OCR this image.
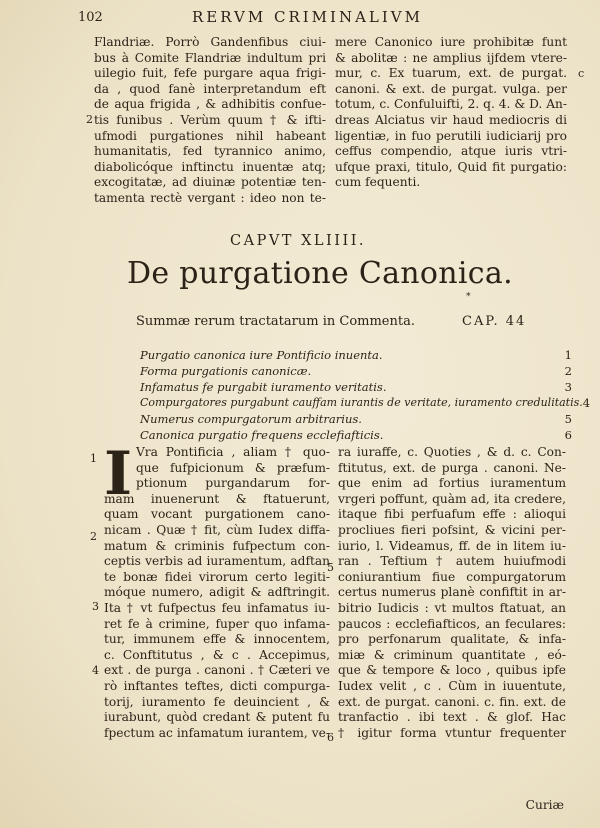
102	RERVM CRIMINALIVM
Flandriæ. Porrò Gandenfibus ciui-
bus à Comite Flandriæ indultum pri
uilegio fuit, fefe purgare aqua frigi-
da , quod fanè interpretandum eft
de aqua frigida , & adhibitis confue-
tis funibus . Verùm quum † & ifti-
ufmodi purgationes nihil habeant
humanitatis, fed tyrannico animo,
diabolicóque inftinctu inuentæ atq;
excogitatæ, ad diuinæ potentiæ ten-
tamenta rectè vergant : ideo non te-
2
mere Canonico iure prohibitæ funt
& abolitæ : ne amplius ijfdem vtere-
mur, c. Ex tuarum, ext. de purgat.
canoni. & ext. de purgat. vulga. per
totum, c. Confuluifti, 2. q. 4. & D. An-
dreas Alciatus vir haud mediocris di
ligentiæ, in fuo perutili iudiciarij pro
ceffus compendio, atque iuris vtri-
ufque praxi, titulo, Quid fit purgatio:
cum fequenti.
c
CAPVT XLIIII.
De purgatione Canonica.
*
Summæ rerum tractatarum in Commenta.	CAP. 44
Purgatio canonica iure Pontificio inuenta.	1
Forma purgationis canonicæ.	2
Infamatus fe purgabit iuramento veritatis.	3
Compurgatores purgabunt cauffam iurantis de veritate, iuramento credulitatis. 4
Numerus compurgatorum arbitrarius.	5
Canonica purgatio frequens ecclefiafticis.	6
I Vra Pontificia , aliam † quo-
que fufpicionum & præfum-
ptionum purgandarum for-
mam inuenerunt & ftatuerunt,
quam vocant purgationem cano-
nicam . Quæ † fit, cùm Iudex diffa-
matum & criminis fufpectum con-
ceptis verbis ad iuramentum, adftan
te bonæ fidei virorum certo legiti-
móque numero, adigit & adftringit.
Ita † vt fufpectus feu infamatus iu-
ret fe à crimine, fuper quo infama-
tur, immunem effe & innocentem,
c. Conftitutus , & c . Accepimus,
ext . de purga . canoni . † Cæteri ve
rò inftantes teftes, dicti compurga-
torij, iuramento fe deuincient , &
iurabunt, quòd credant & putent fu
fpectum ac infamatum iurantem, ve-
1
2
3
4
ra iuraffe, c. Quoties , & d. c. Con-
ftitutus, ext. de purga . canoni. Ne-
que enim ad fortius iuramentum
vrgeri poffunt, quàm ad, ita credere,
itaque fibi perfuafum effe : alioqui
procliues fieri pofsint, & vicini per-
iurio, l. Videamus, ff. de in litem iu-
ran . Teftium † autem huiufmodi
coniurantium fiue compurgatorum
certus numerus planè confiftit in ar-
bitrio Iudicis : vt multos ftatuat, an
paucos : ecclefiafticos, an feculares:
pro perfonarum qualitate, & infa-
miæ & criminum quantitate , eó-
que & tempore & loco , quibus ipfe
Iudex velit , c . Cùm in iuuentute,
ext. de purgat. canoni. c. fin. ext. de
tranfactio . ibi text . & glof. Hac
† igitur forma vtuntur frequenter
5
6
Curiæ
